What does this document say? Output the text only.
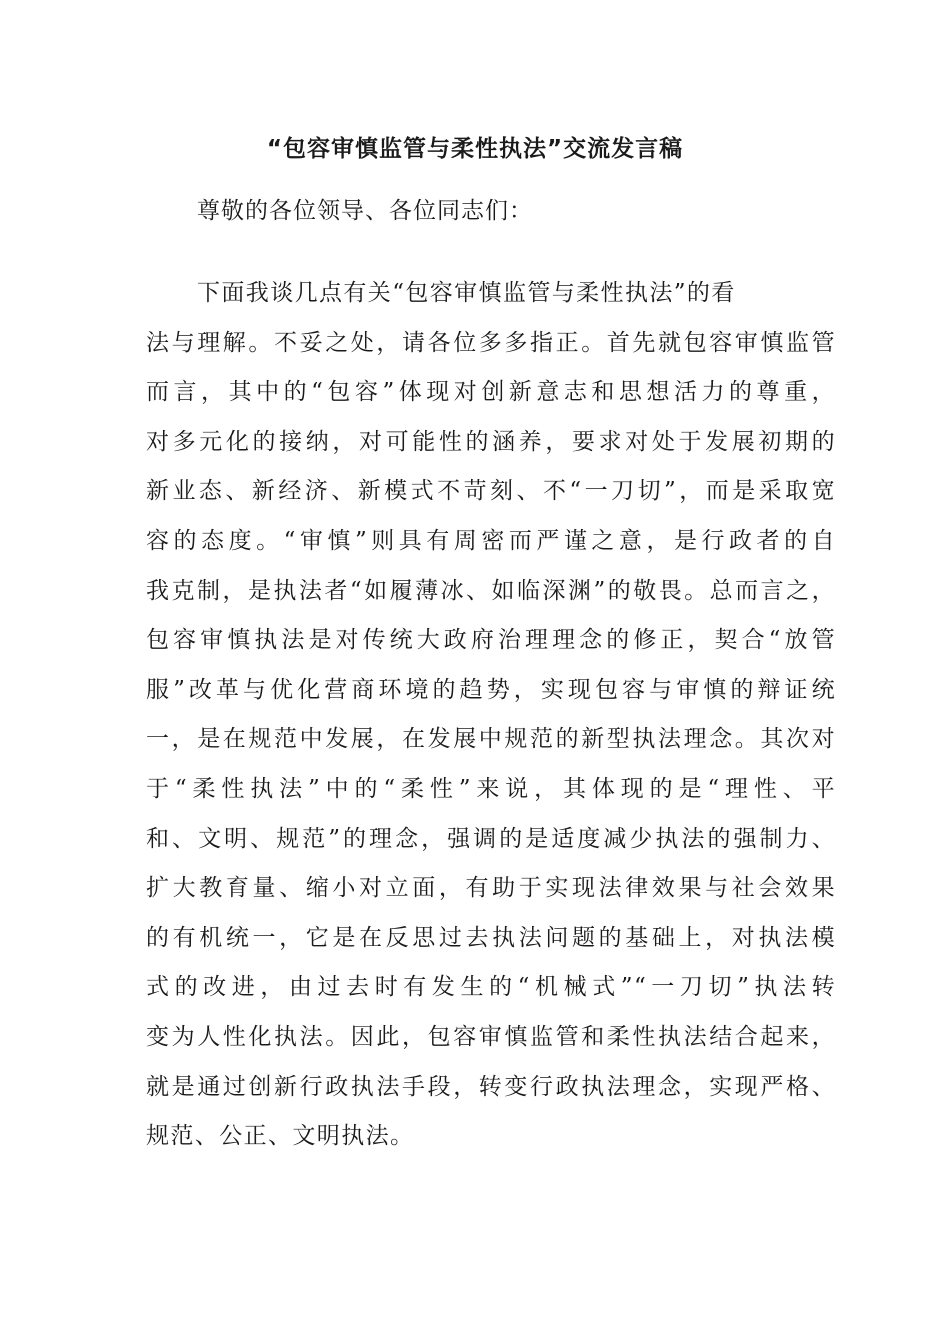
“包容审慎监管与柔性执法”交流发言稿

尊敬的各位领导、各位同志们：

下面我谈几点有关“包容审慎监管与柔性执法”的看
法与理解。不妥之处，请各位多多指正。首先就包容审慎监管
而言，其中的“包容”体现对创新意志和思想活力的尊重，
对多元化的接纳，对可能性的涵养，要求对处于发展初期的
新业态、新经济、新模式不苛刻、不“一刀切”，而是采取宽
容的态度。“审慎”则具有周密而严谨之意，是行政者的自
我克制，是执法者“如履薄冰、如临深渊”的敬畏。总而言之，
包容审慎执法是对传统大政府治理理念的修正，契合“放管
服”改革与优化营商环境的趋势，实现包容与审慎的辩证统
一，是在规范中发展，在发展中规范的新型执法理念。其次对
于“柔性执法”中的“柔性”来说，其体现的是“理性、平
和、文明、规范”的理念，强调的是适度减少执法的强制力、
扩大教育量、缩小对立面，有助于实现法律效果与社会效果
的有机统一，它是在反思过去执法问题的基础上，对执法模
式的改进，由过去时有发生的“机械式”“一刀切”执法转
变为人性化执法。因此，包容审慎监管和柔性执法结合起来，
就是通过创新行政执法手段，转变行政执法理念，实现严格、
规范、公正、文明执法。
